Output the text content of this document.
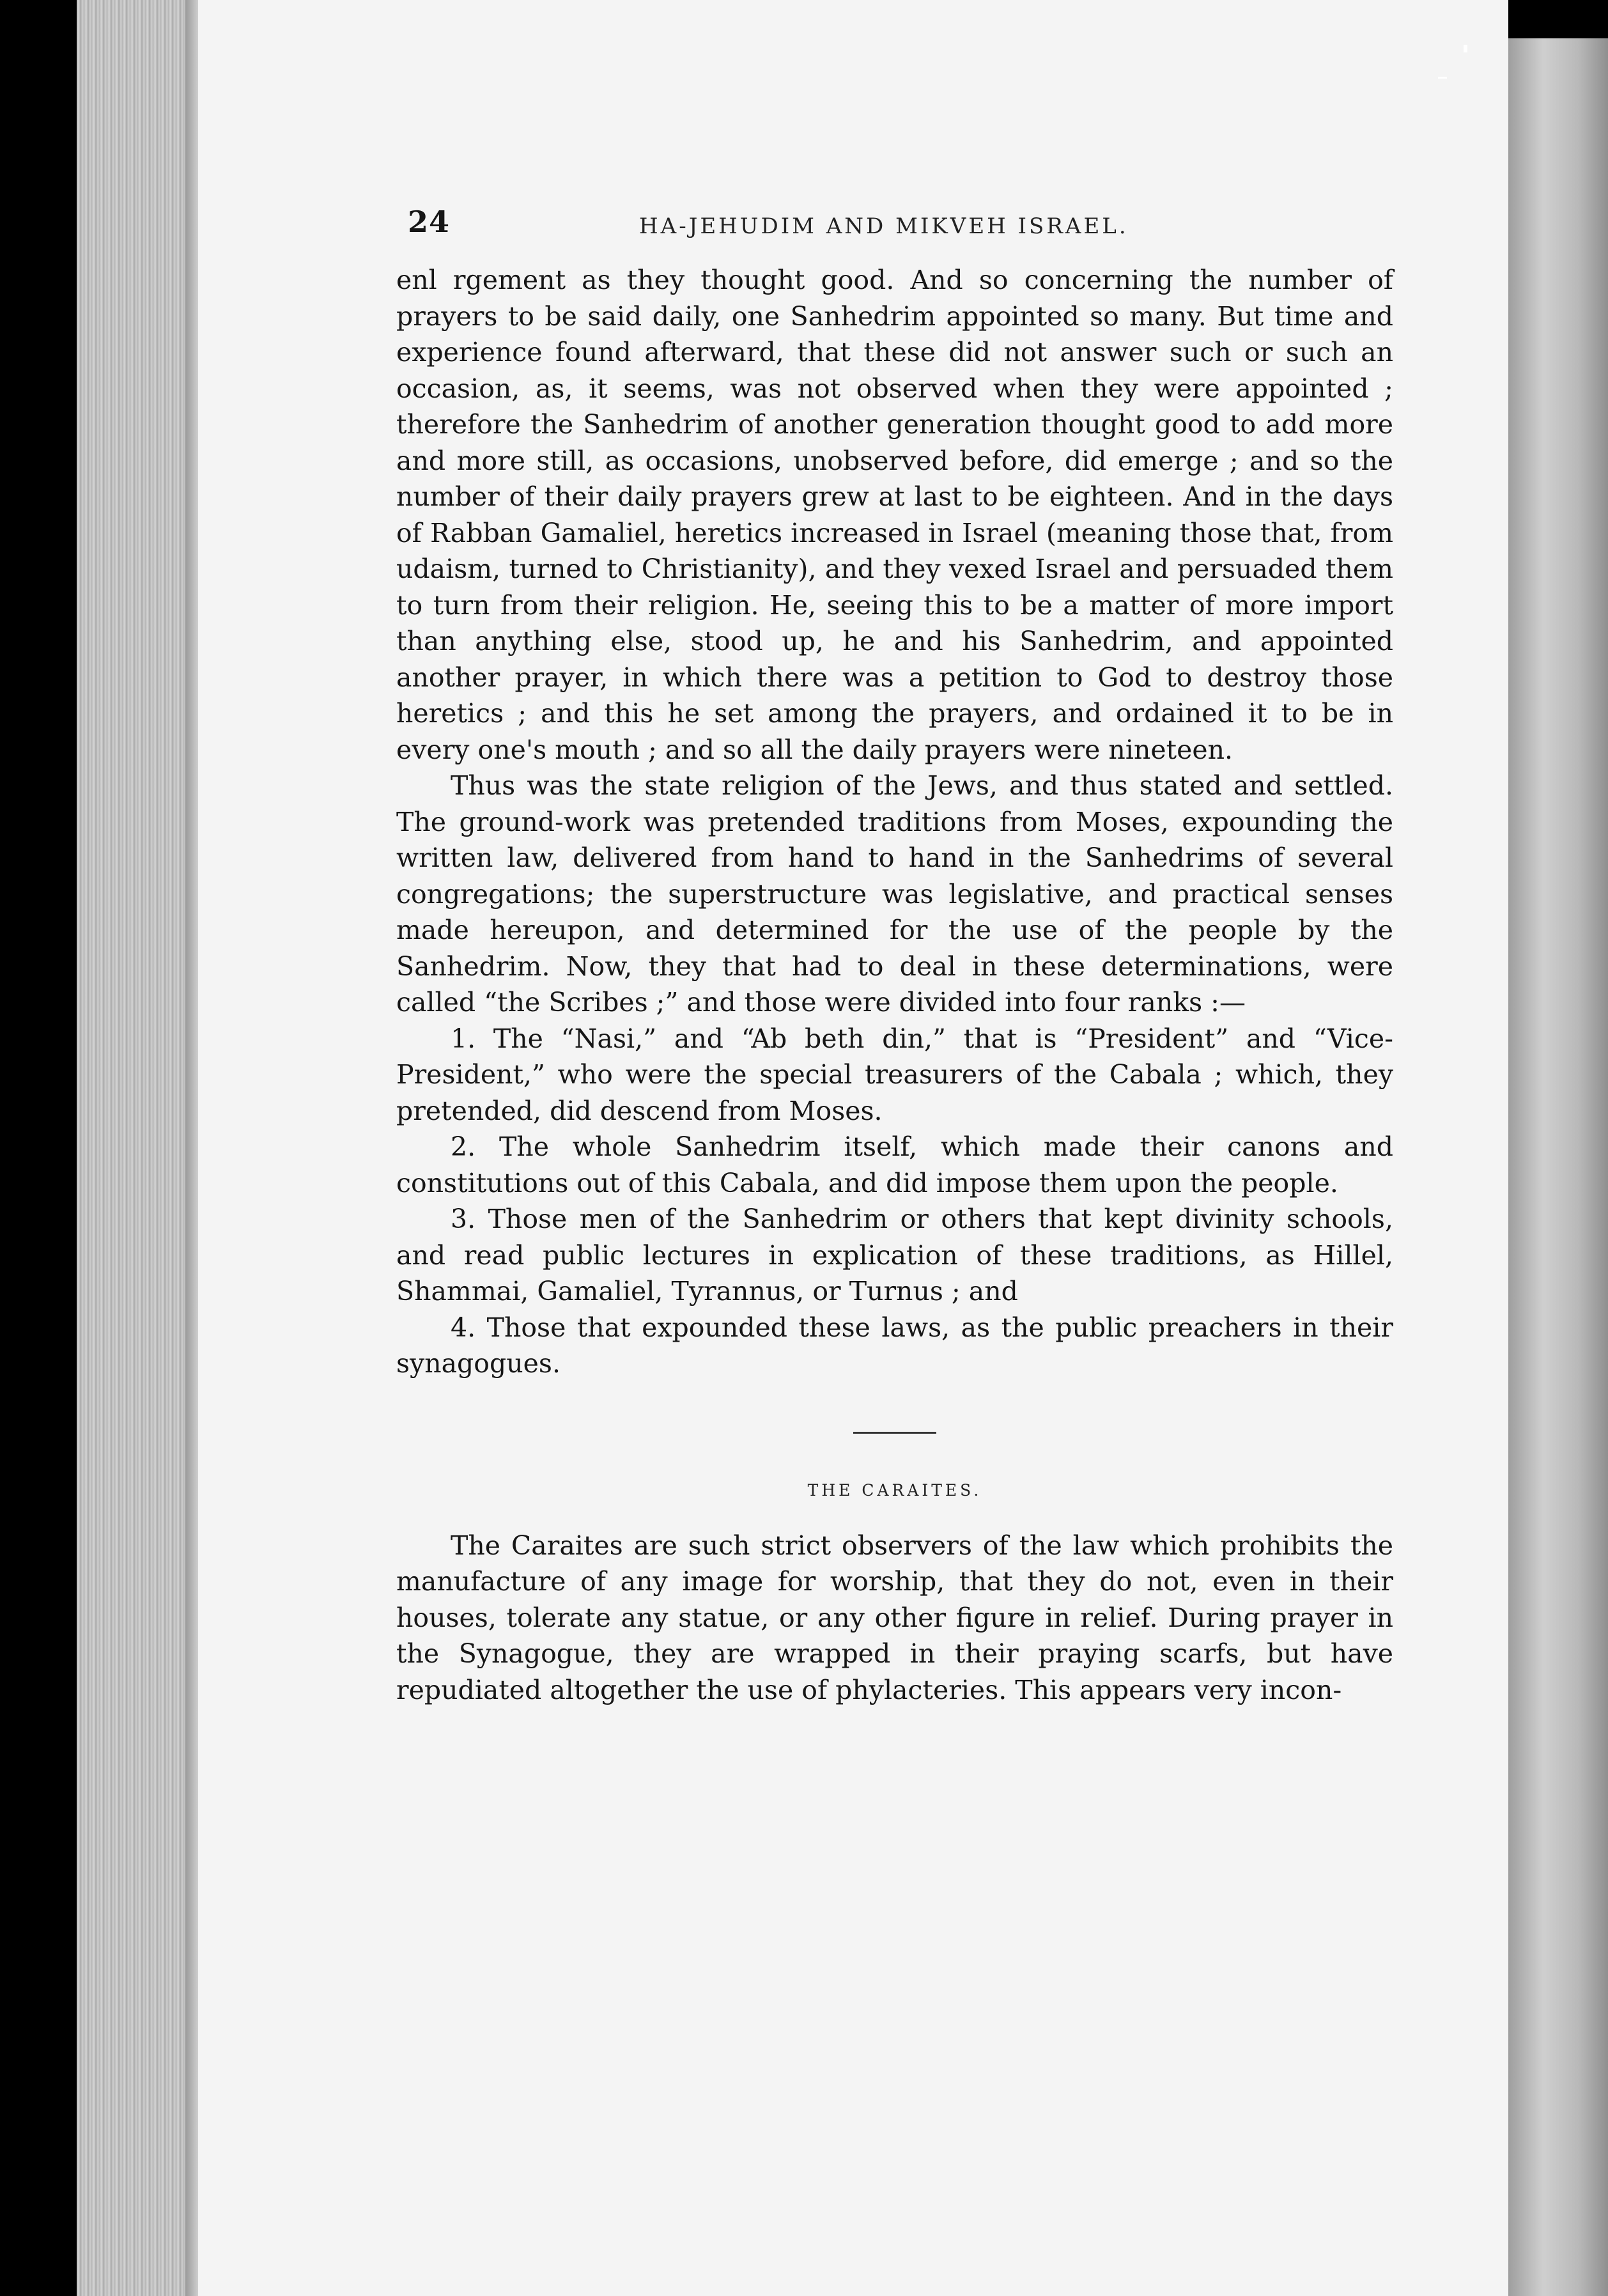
24	HA-JEHUDIM AND MIKVEH ISRAEL.

enl rgement as they thought good. And so concerning the number of prayers to be said daily, one Sanhedrim appointed so many. But time and experience found afterward, that these did not answer such or such an occasion, as, it seems, was not observed when they were appointed ; therefore the Sanhedrim of another generation thought good to add more and more still, as occasions, unobserved before, did emerge ; and so the number of their daily prayers grew at last to be eighteen. And in the days of Rabban Gamaliel, heretics increased in Israel (meaning those that, from udaism, turned to Christianity), and they vexed Israel and persuaded them to turn from their religion. He, seeing this to be a matter of more import than anything else, stood up, he and his Sanhedrim, and appointed another prayer, in which there was a petition to God to destroy those heretics ; and this he set among the prayers, and ordained it to be in every one's mouth ; and so all the daily prayers were nineteen.

Thus was the state religion of the Jews, and thus stated and settled. The ground-work was pretended traditions from Moses, expounding the written law, delivered from hand to hand in the Sanhedrims of several congregations; the superstructure was legislative, and practical senses made hereupon, and determined for the use of the people by the Sanhedrim. Now, they that had to deal in these determinations, were called “the Scribes ;” and those were divided into four ranks :—

1. The “Nasi,” and “Ab beth din,” that is “President” and “Vice-President,” who were the special treasurers of the Cabala ; which, they pretended, did descend from Moses.

2. The whole Sanhedrim itself, which made their canons and constitutions out of this Cabala, and did impose them upon the people.

3. Those men of the Sanhedrim or others that kept divinity schools, and read public lectures in explication of these traditions, as Hillel, Shammai, Gamaliel, Tyrannus, or Turnus ; and

4. Those that expounded these laws, as the public preachers in their synagogues.

THE CARAITES.

The Caraites are such strict observers of the law which prohibits the manufacture of any image for worship, that they do not, even in their houses, tolerate any statue, or any other figure in relief. During prayer in the Synagogue, they are wrapped in their praying scarfs, but have repudiated altogether the use of phylacteries. This appears very incon-
